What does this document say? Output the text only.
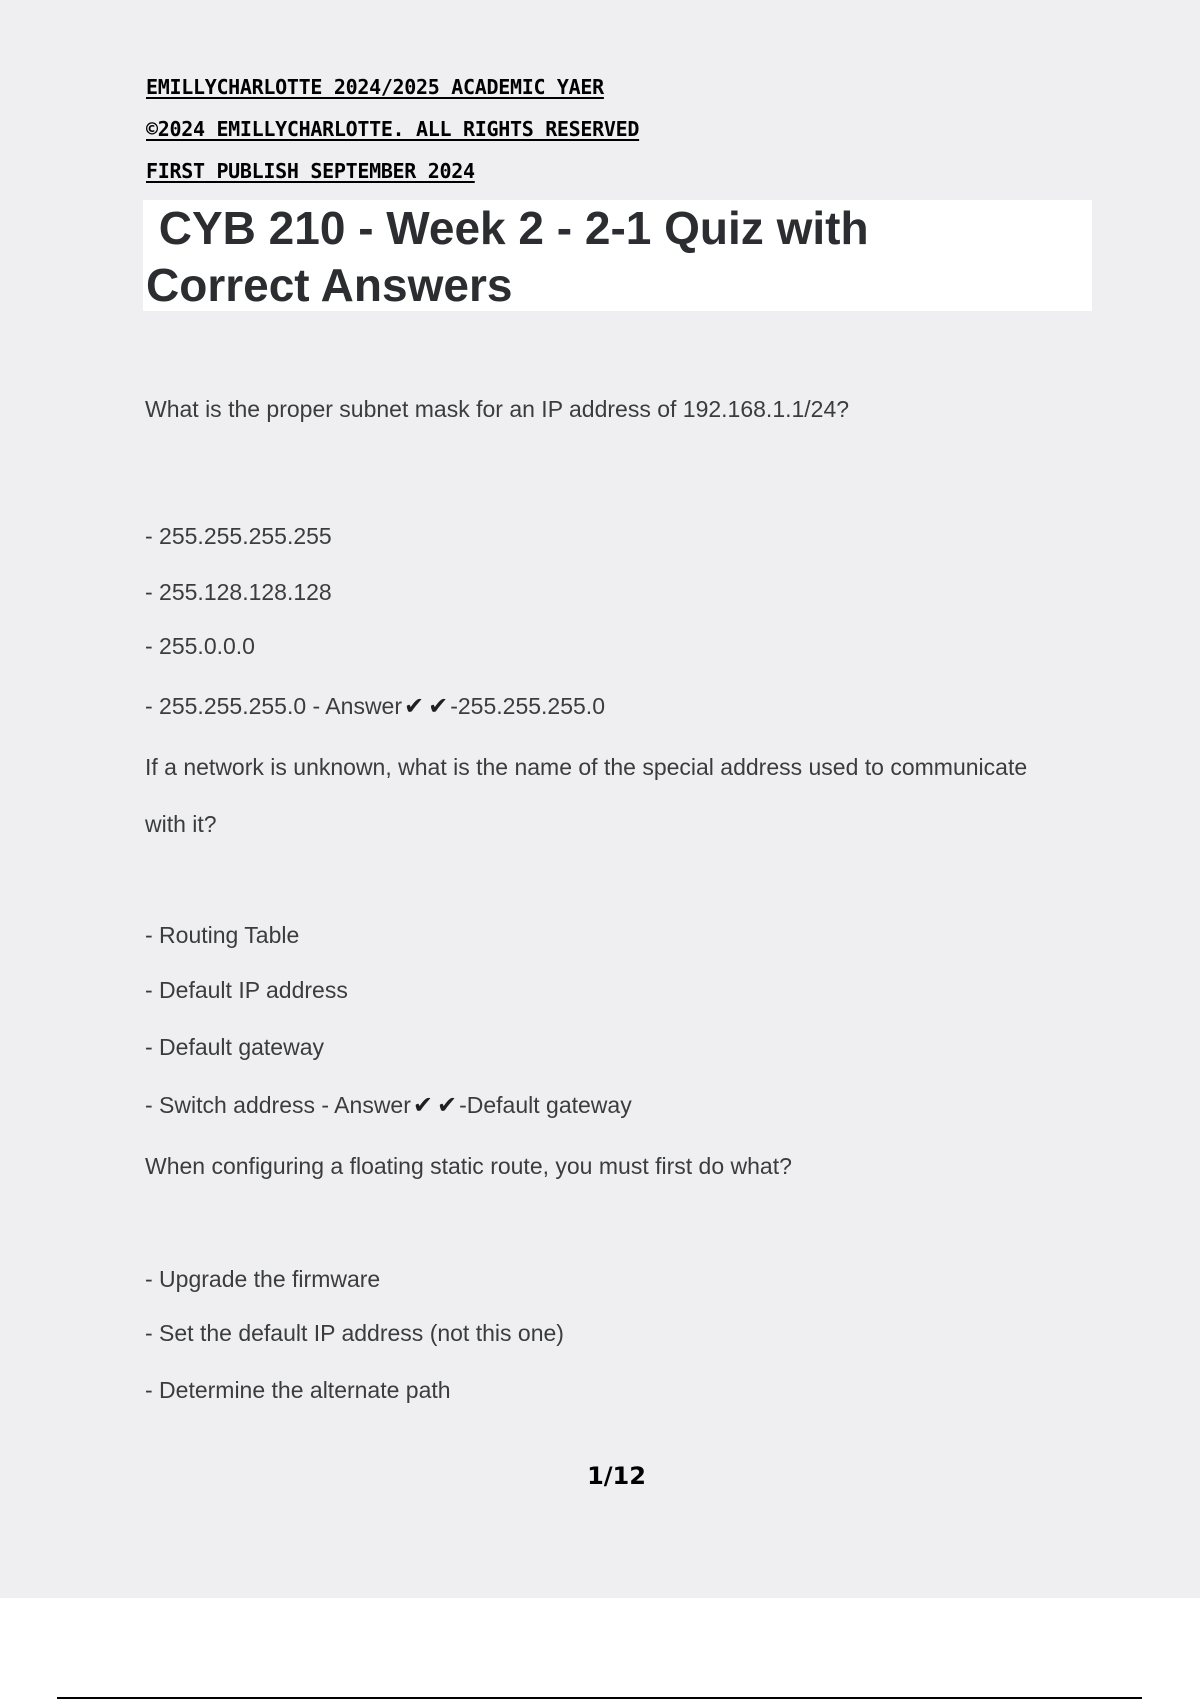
EMILLYCHARLOTTE 2024/2025 ACADEMIC YAER
©2024 EMILLYCHARLOTTE. ALL RIGHTS RESERVED
FIRST PUBLISH SEPTEMBER 2024
CYB 210 - Week 2 - 2-1 Quiz with
Correct Answers
What is the proper subnet mask for an IP address of 192.168.1.1/24?
- 255.255.255.255
- 255.128.128.128
- 255.0.0.0
- 255.255.255.0 - Answer✔ ✔-255.255.255.0
If a network is unknown, what is the name of the special address used to communicate
with it?
- Routing Table
- Default IP address
- Default gateway
- Switch address - Answer✔ ✔-Default gateway
When configuring a floating static route, you must first do what?
- Upgrade the firmware
- Set the default IP address (not this one)
- Determine the alternate path
1/12
